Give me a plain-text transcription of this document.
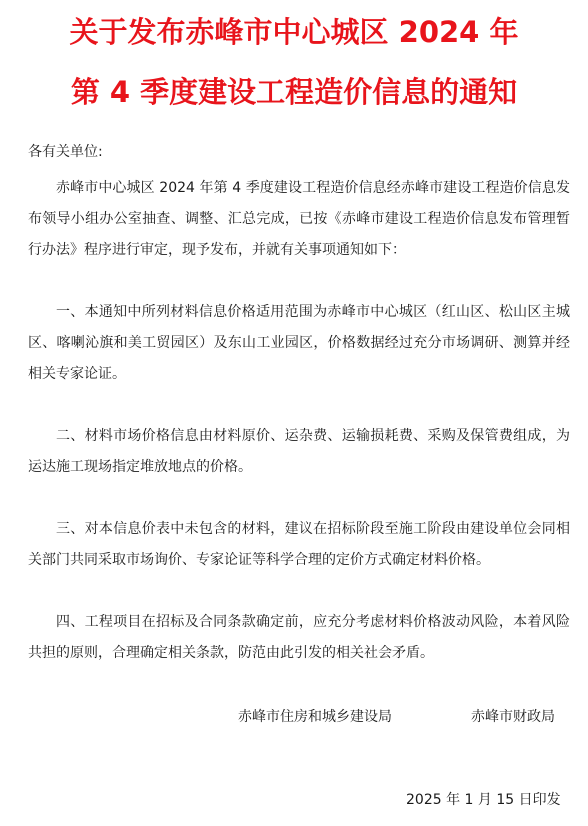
关于发布赤峰市中心城区 2024 年
第 4 季度建设工程造价信息的通知
各有关单位:

赤峰市中心城区 2024 年第 4 季度建设工程造价信息经赤峰市建设工程造价信息发布领导小组办公室抽查、调整、汇总完成，已按《赤峰市建设工程造价信息发布管理暂行办法》程序进行审定，现予发布，并就有关事项通知如下：

一、本通知中所列材料信息价格适用范围为赤峰市中心城区（红山区、松山区主城区、喀喇沁旗和美工贸园区）及东山工业园区，价格数据经过充分市场调研、测算并经相关专家论证。

二、材料市场价格信息由材料原价、运杂费、运输损耗费、采购及保管费组成，为运达施工现场指定堆放地点的价格。

三、对本信息价表中未包含的材料，建议在招标阶段至施工阶段由建设单位会同相关部门共同采取市场询价、专家论证等科学合理的定价方式确定材料价格。

四、工程项目在招标及合同条款确定前，应充分考虑材料价格波动风险，本着风险共担的原则，合理确定相关条款，防范由此引发的相关社会矛盾。

赤峰市住房和城乡建设局	赤峰市财政局
2025 年 1 月 15 日印发
